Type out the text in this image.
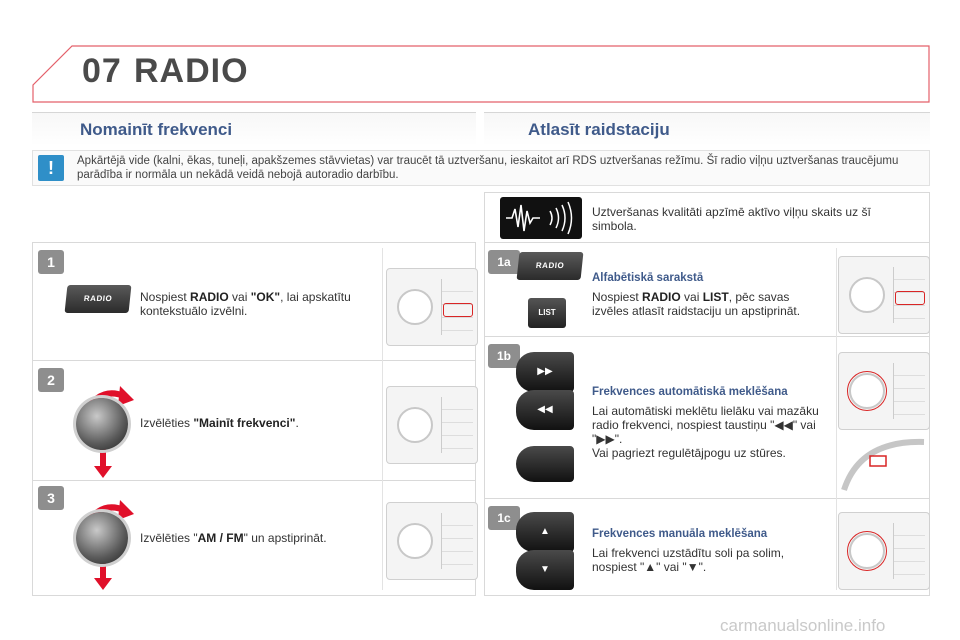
07 RADIO
Nomainīt frekvenci	Atlasīt raidstaciju
!	Apkārtējā vide (kalni, ēkas, tuneļi, apakšzemes stāvvietas) var traucēt tā uztveršanu, ieskaitot arī RDS uztveršanas režīmu. Šī radio viļņu uztveršanas traucējumu parādība ir normāla un nekādā veidā nebojā autoradio darbību.
Uztveršanas kvalitāti apzīmē aktīvo viļņu skaits uz šī simbola.
1
RADIO	Nospiest RADIO vai "OK", lai apskatītu kontekstuālo izvēlni.
2
Izvēlēties "Mainīt frekvenci".
3
Izvēlēties "AM / FM" un apstiprināt.
1a	RADIO
LIST
Alfabētiskā sarakstā
Nospiest RADIO vai LIST, pēc savas izvēles atlasīt raidstaciju un apstiprināt.
1b
▶▶
◀◀
Frekvences automātiskā meklēšana
Lai automātiski meklētu lielāku vai mazāku radio frekvenci, nospiest taustiņu "◀◀" vai "▶▶".
Vai pagriezt regulētājpogu uz stūres.
1c
▲
▼
Frekvences manuāla meklēšana
Lai frekvenci uzstādītu soli pa solim, nospiest "▲" vai "▼".
carmanualsonline.info
